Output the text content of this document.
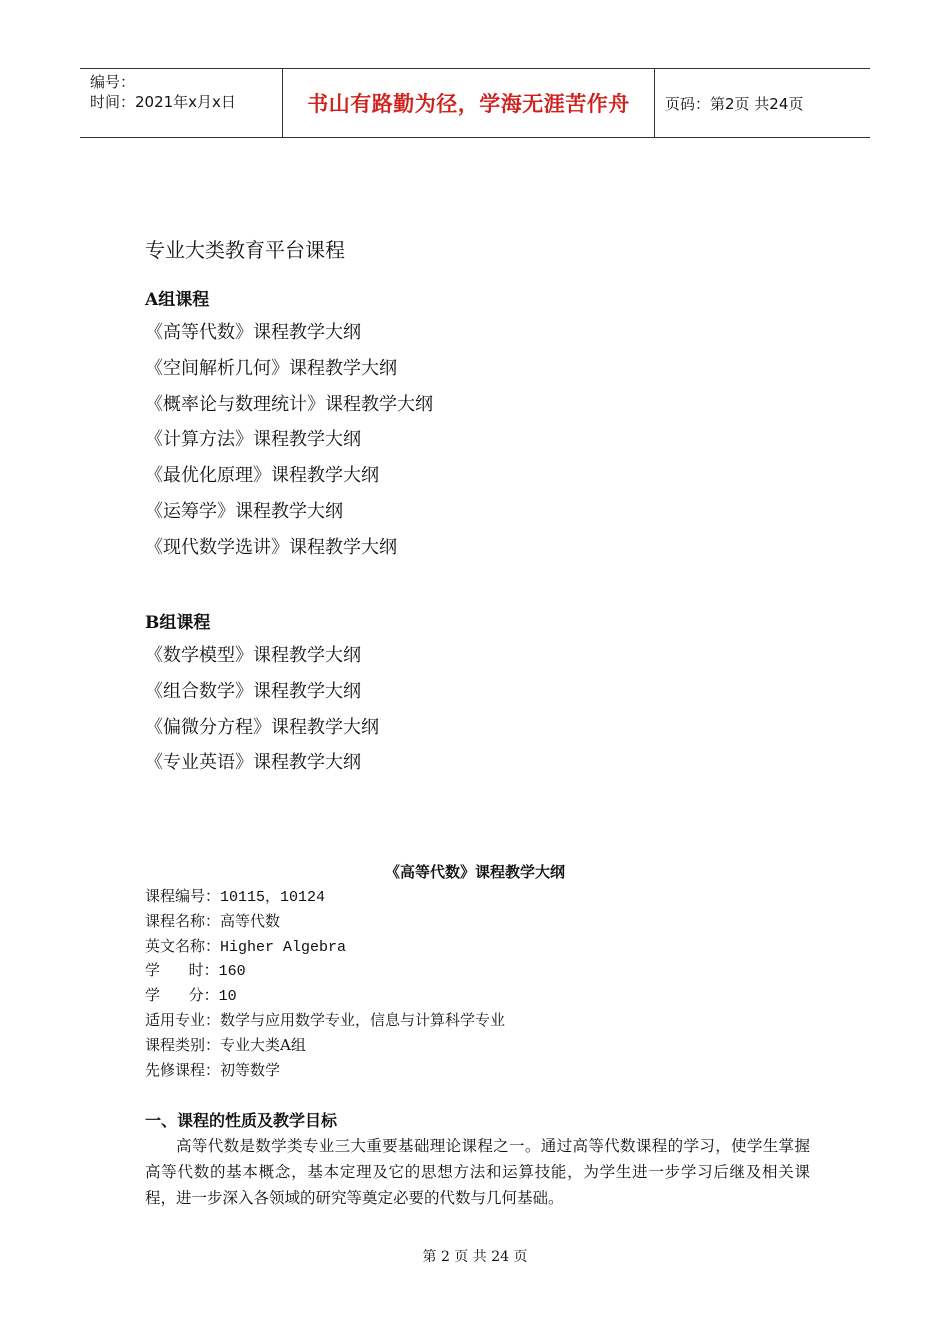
编号：
时间：2021年x月x日	书山有路勤为径，学海无涯苦作舟	页码：第2页 共24页
专业大类教育平台课程
A组课程
《高等代数》课程教学大纲
《空间解析几何》课程教学大纲
《概率论与数理统计》课程教学大纲
《计算方法》课程教学大纲
《最优化原理》课程教学大纲
《运筹学》课程教学大纲
《现代数学选讲》课程教学大纲
B组课程
《数学模型》课程教学大纲
《组合数学》课程教学大纲
《偏微分方程》课程教学大纲
《专业英语》课程教学大纲
《高等代数》课程教学大纲
课程编号：10115，10124
课程名称：高等代数
英文名称：Higher Algebra
学      时：160
学      分：10
适用专业：数学与应用数学专业，信息与计算科学专业
课程类别：专业大类A组
先修课程：初等数学
一、课程的性质及教学目标

高等代数是数学类专业三大重要基础理论课程之一。通过高等代数课程的学习，使学生掌握高等代数的基本概念，基本定理及它的思想方法和运算技能，为学生进一步学习后继及相关课程，进一步深入各领域的研究等奠定必要的代数与几何基础。

第 2 页 共 24 页
